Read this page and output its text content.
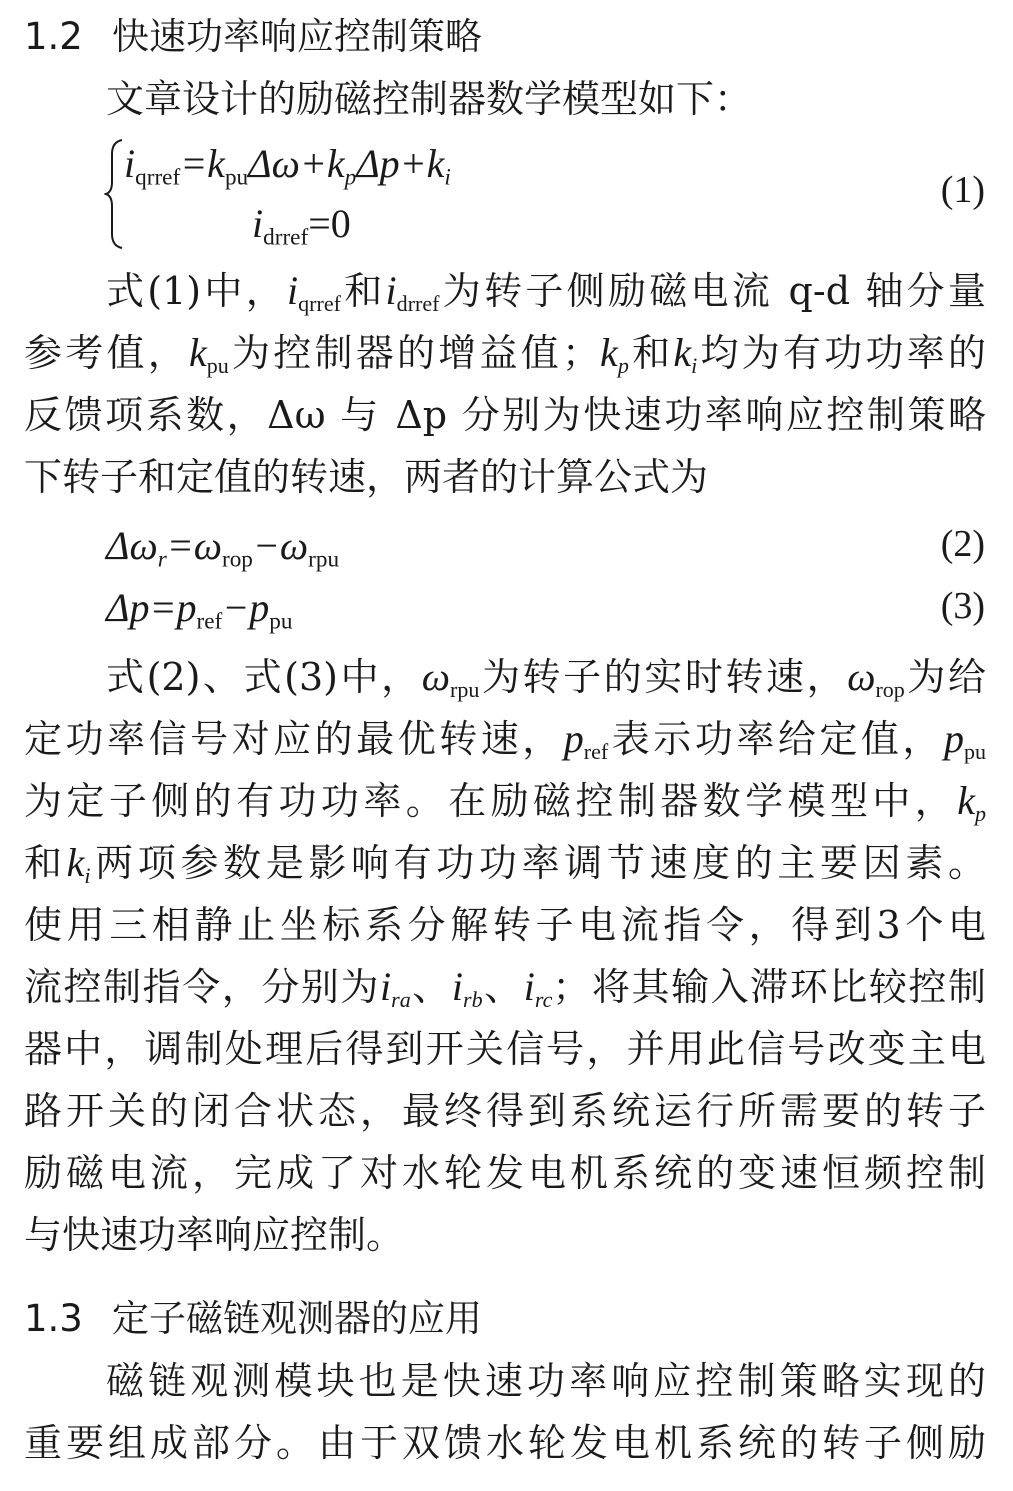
1.2 快速功率响应控制策略
文章设计的励磁控制器数学模型如下：
$i_{qrref}=k_{pu}\Delta\omega+k_p\Delta p+k_i$
$i_{drref}=0$
(1)
式(1)中，$i_{qrref}$和$i_{drref}$为转子侧励磁电流 q-d 轴分量
参考值，$k_{pu}$为控制器的增益值；$k_p$和$k_i$均为有功功率的
反馈项系数，Δω 与 Δp 分别为快速功率响应控制策略
下转子和定值的转速，两者的计算公式为
$\Delta\omega_r=\omega_{rop}-\omega_{rpu}$	(2)
$\Delta p=p_{ref}-p_{pu}$	(3)
式(2)、式(3)中，$\omega_{rpu}$为转子的实时转速，$\omega_{rop}$为给
定功率信号对应的最优转速，$p_{ref}$表示功率给定值，$p_{pu}$
为定子侧的有功功率。在励磁控制器数学模型中，$k_p$
和$k_i$两项参数是影响有功功率调节速度的主要因素。
使用三相静止坐标系分解转子电流指令，得到3个电
流控制指令，分别为$i_{ra}$、$i_{rb}$、$i_{rc}$；将其输入滞环比较控制
器中，调制处理后得到开关信号，并用此信号改变主电
路开关的闭合状态，最终得到系统运行所需要的转子
励磁电流，完成了对水轮发电机系统的变速恒频控制
与快速功率响应控制。
1.3 定子磁链观测器的应用
磁链观测模块也是快速功率响应控制策略实现的
重要组成部分。由于双馈水轮发电机系统的转子侧励
